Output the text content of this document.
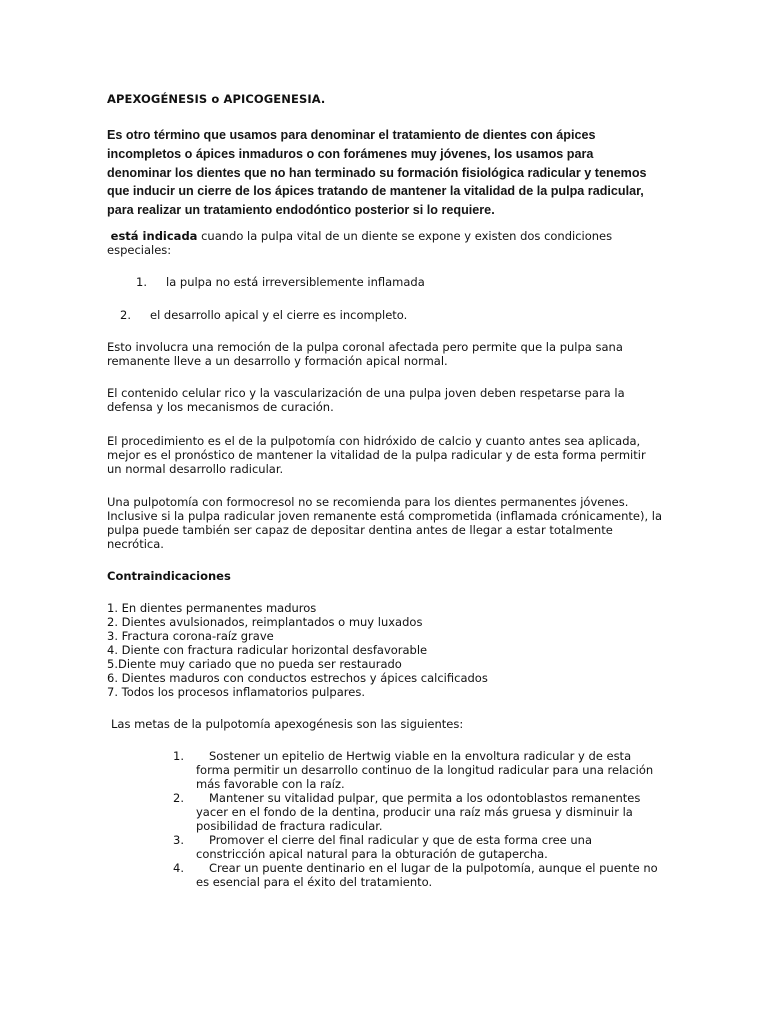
APEXOGÉNESIS o APICOGENESIA.

Es otro término que usamos para denominar el tratamiento de dientes con ápices incompletos o ápices inmaduros o con forámenes muy jóvenes, los usamos para denominar los dientes que no han terminado su formación fisiológica radicular y tenemos que inducir un cierre de los ápices tratando de mantener la vitalidad de la pulpa radicular, para realizar un tratamiento endodóntico posterior si lo requiere.

está indicada cuando la pulpa vital de un diente se expone y existen dos condiciones especiales:

1. la pulpa no está irreversiblemente inflamada

2. el desarrollo apical y el cierre es incompleto.

Esto involucra una remoción de la pulpa coronal afectada pero permite que la pulpa sana remanente lleve a un desarrollo y formación apical normal.

El contenido celular rico y la vascularización de una pulpa joven deben respetarse para la defensa y los mecanismos de curación.

El procedimiento es el de la pulpotomía con hidróxido de calcio y cuanto antes sea aplicada, mejor es el pronóstico de mantener la vitalidad de la pulpa radicular y de esta forma permitir un normal desarrollo radicular.

Una pulpotomía con formocresol no se recomienda para los dientes permanentes jóvenes. Inclusive si la pulpa radicular joven remanente está comprometida (inflamada crónicamente), la pulpa puede también ser capaz de depositar dentina antes de llegar a estar totalmente necrótica.

Contraindicaciones

1. En dientes permanentes maduros
2. Dientes avulsionados, reimplantados o muy luxados
3. Fractura corona-raíz grave
4. Diente con fractura radicular horizontal desfavorable
5.Diente muy cariado que no pueda ser restaurado
6. Dientes maduros con conductos estrechos y ápices calcificados
7. Todos los procesos inflamatorios pulpares.

Las metas de la pulpotomía apexogénesis son las siguientes:

1.	Sostener un epitelio de Hertwig viable en la envoltura radicular y de esta forma permitir un desarrollo continuo de la longitud radicular para una relación más favorable con la raíz.
2.	Mantener su vitalidad pulpar, que permita a los odontoblastos remanentes yacer en el fondo de la dentina, producir una raíz más gruesa y disminuir la posibilidad de fractura radicular.
3.	Promover el cierre del final radicular y que de esta forma cree una constricción apical natural para la obturación de gutapercha.
4.	Crear un puente dentinario en el lugar de la pulpotomía, aunque el puente no es esencial para el éxito del tratamiento.
